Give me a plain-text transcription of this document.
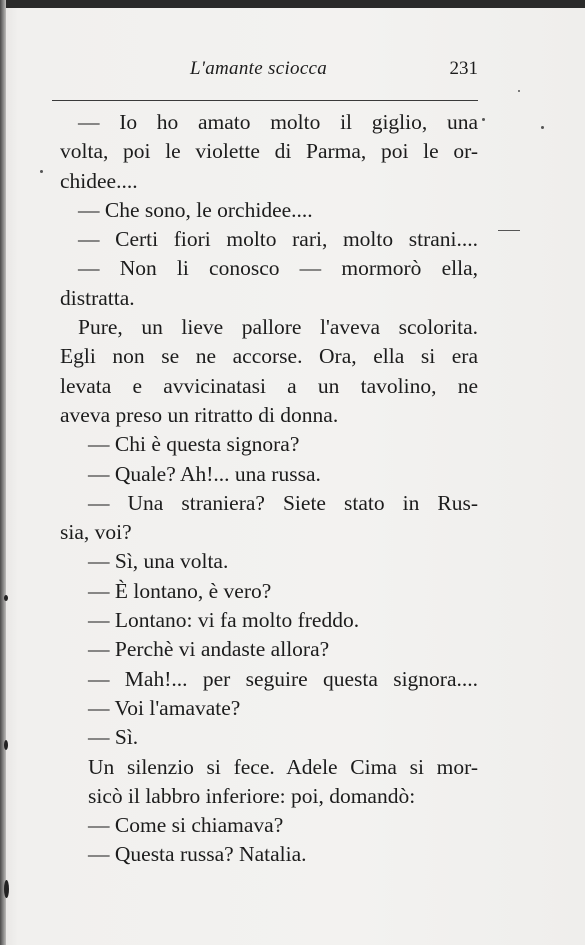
L'amante sciocca	231
— Io ho amato molto il giglio, una
volta, poi le violette di Parma, poi le or-
chidee....
— Che sono, le orchidee....
— Certi fiori molto rari, molto strani....
— Non li conosco — mormorò ella,
distratta.
Pure, un lieve pallore l'aveva scolorita.
Egli non se ne accorse. Ora, ella si era
levata e avvicinatasi a un tavolino, ne
aveva preso un ritratto di donna.
— Chi è questa signora?
— Quale? Ah!... una russa.
— Una straniera? Siete stato in Rus-
sia, voi?
— Sì, una volta.
— È lontano, è vero?
— Lontano: vi fa molto freddo.
— Perchè vi andaste allora?
— Mah!... per seguire questa signora....
— Voi l'amavate?
— Sì.
Un silenzio si fece. Adele Cima si mor-
sicò il labbro inferiore: poi, domandò:
— Come si chiamava?
— Questa russa? Natalia.
